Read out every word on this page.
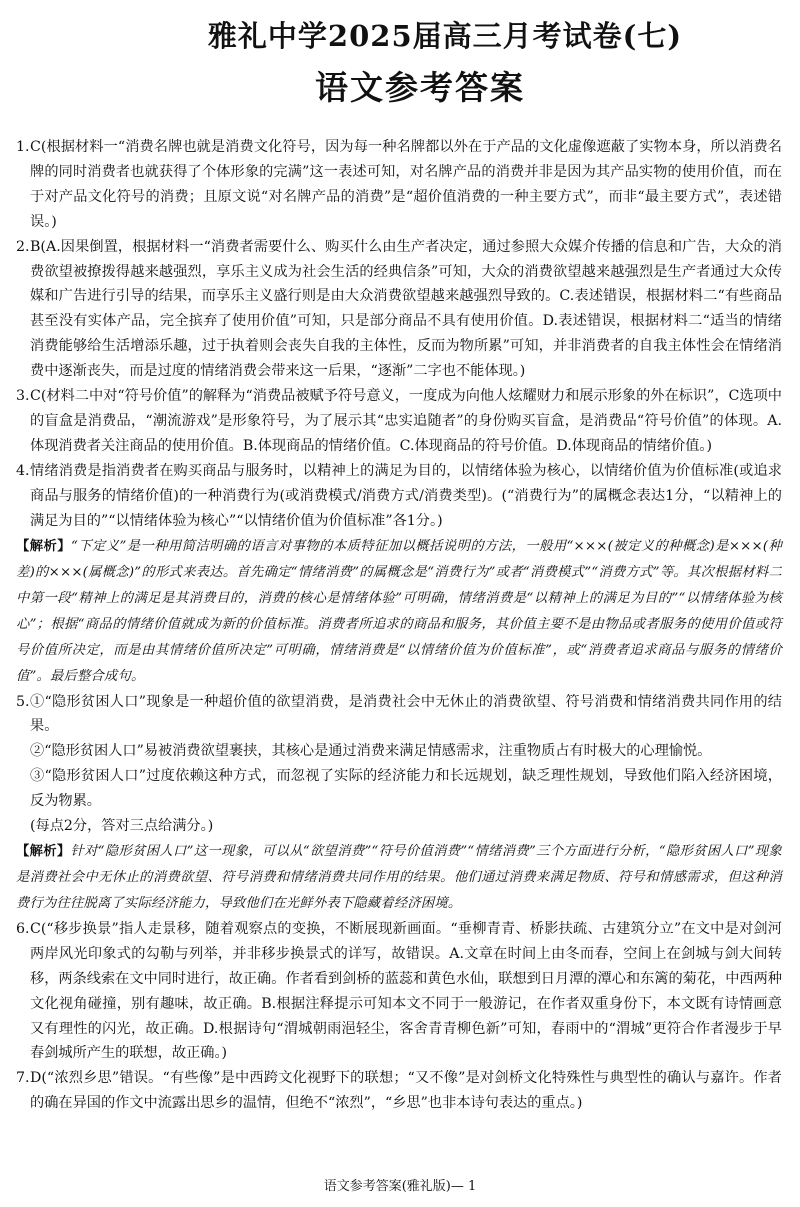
雅礼中学2025届高三月考试卷(七)
语文参考答案
1. C(根据材料一“消费名牌也就是消费文化符号，因为每一种名牌都以外在于产品的文化虚像遮蔽了实物本身，所以消费名牌的同时消费者也就获得了个体形象的完满”这一表述可知，对名牌产品的消费并非是因为其产品实物的使用价值，而在于对产品文化符号的消费；且原文说“对名牌产品的消费”是“超价值消费的一种主要方式”，而非“最主要方式”，表述错误。)
2. B(A.因果倒置，根据材料一“消费者需要什么、购买什么由生产者决定，通过参照大众媒介传播的信息和广告，大众的消费欲望被撩拨得越来越强烈，享乐主义成为社会生活的经典信条”可知，大众的消费欲望越来越强烈是生产者通过大众传媒和广告进行引导的结果，而享乐主义盛行则是由大众消费欲望越来越强烈导致的。C.表述错误，根据材料二“有些商品甚至没有实体产品，完全摈弃了使用价值”可知，只是部分商品不具有使用价值。D.表述错误，根据材料二“适当的情绪消费能够给生活增添乐趣，过于执着则会丧失自我的主体性，反而为物所累”可知，并非消费者的自我主体性会在情绪消费中逐渐丧失，而是过度的情绪消费会带来这一后果，“逐渐”二字也不能体现。)
3. C(材料二中对“符号价值”的解释为“消费品被赋予符号意义，一度成为向他人炫耀财力和展示形象的外在标识”，C选项中的盲盒是消费品，“潮流游戏”是形象符号，为了展示其“忠实追随者”的身份购买盲盒，是消费品“符号价值”的体现。A.体现消费者关注商品的使用价值。B.体现商品的情绪价值。C.体现商品的符号价值。D.体现商品的情绪价值。)
4. 情绪消费是指消费者在购买商品与服务时，以精神上的满足为目的，以情绪体验为核心，以情绪价值为价值标准(或追求商品与服务的情绪价值)的一种消费行为(或消费模式/消费方式/消费类型)。(“消费行为”的属概念表达1分，“以精神上的满足为目的”“以情绪体验为核心”“以情绪价值为价值标准”各1分。)
【解析】“下定义”是一种用简洁明确的语言对事物的本质特征加以概括说明的方法，一般用“×××(被定义的种概念)是×××(种差)的×××(属概念)”的形式来表达。首先确定“情绪消费”的属概念是“消费行为”或者“消费模式”“消费方式”等。其次根据材料二中第一段“精神上的满足是其消费目的，消费的核心是情绪体验”可明确，情绪消费是“以精神上的满足为目的”“以情绪体验为核心”；根据“商品的情绪价值就成为新的价值标准。消费者所追求的商品和服务，其价值主要不是由物品或者服务的使用价值或符号价值所决定，而是由其情绪价值所决定”可明确，情绪消费是“以情绪价值为价值标准”，或“消费者追求商品与服务的情绪价值”。最后整合成句。
5. ①“隐形贫困人口”现象是一种超价值的欲望消费，是消费社会中无休止的消费欲望、符号消费和情绪消费共同作用的结果。
②“隐形贫困人口”易被消费欲望裹挟，其核心是通过消费来满足情感需求，注重物质占有时极大的心理愉悦。
③“隐形贫困人口”过度依赖这种方式，而忽视了实际的经济能力和长远规划，缺乏理性规划，导致他们陷入经济困境，反为物累。
(每点2分，答对三点给满分。)
【解析】针对“隐形贫困人口”这一现象，可以从“欲望消费”“符号价值消费”“情绪消费”三个方面进行分析，“隐形贫困人口”现象是消费社会中无休止的消费欲望、符号消费和情绪消费共同作用的结果。他们通过消费来满足物质、符号和情感需求，但这种消费行为往往脱离了实际经济能力，导致他们在光鲜外表下隐藏着经济困境。
6. C(“移步换景”指人走景移，随着观察点的变换，不断展现新画面。“垂柳青青、桥影扶疏、古建筑分立”在文中是对剑河两岸风光印象式的勾勒与列举，并非移步换景式的详写，故错误。A.文章在时间上由冬而春，空间上在剑城与剑大间转移，两条线索在文中同时进行，故正确。作者看到剑桥的蓝蕊和黄色水仙，联想到日月潭的潭心和东篱的菊花，中西两种文化视角碰撞，别有趣味，故正确。B.根据注释提示可知本文不同于一般游记，在作者双重身份下，本文既有诗情画意又有理性的闪光，故正确。D.根据诗句“渭城朝雨浥轻尘，客舍青青柳色新”可知，春雨中的“渭城”更符合作者漫步于早春剑城所产生的联想，故正确。)
7. D(“浓烈乡思”错误。“有些像”是中西跨文化视野下的联想；“又不像”是对剑桥文化特殊性与典型性的确认与嘉许。作者的确在异国的作文中流露出思乡的温情，但绝不“浓烈”，“乡思”也非本诗句表达的重点。)
语文参考答案(雅礼版)— 1
